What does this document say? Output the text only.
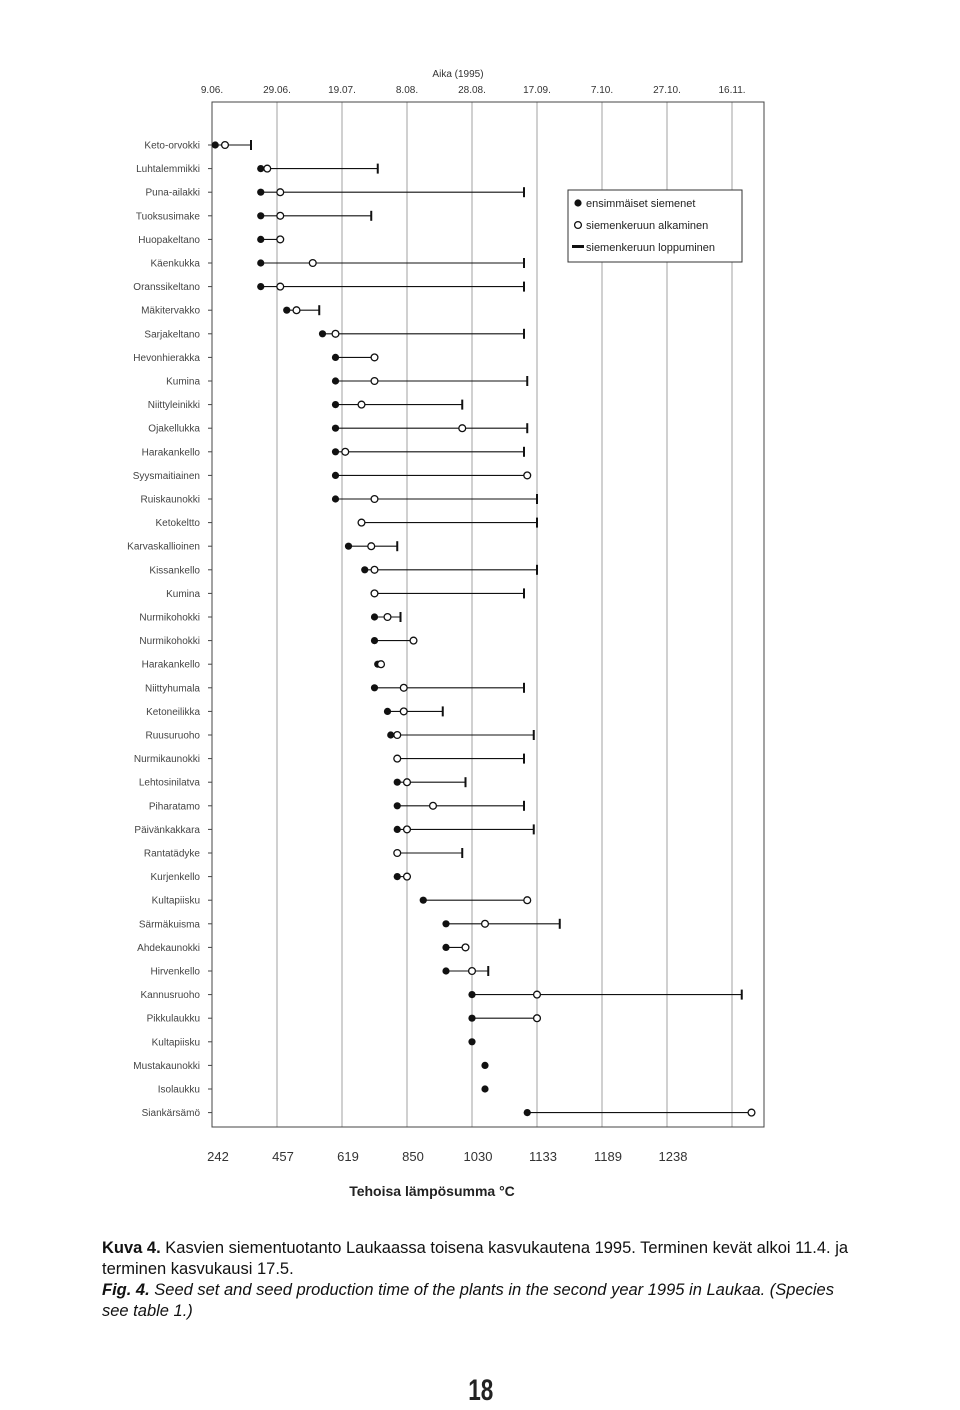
Aika (1995)
9.06.	29.06.	19.07.	8.08.	28.08.	17.09.	7.10.	27.10.	16.11.
Keto-orvokki
Luhtalemmikki
Puna-ailakki
Tuoksusimake
Huopakeltano
Käenkukka
Oranssikeltano
Mäkitervakko
Sarjakeltano
Hevonhierakka
Kumina
Niittyleinikki
Ojakellukka
Harakankello
Syysmaitiainen
Ruiskaunokki
Ketokeltto
Karvaskallioinen
Kissankello
Kumina
Nurmikohokki
Nurmikohokki
Harakankello
Niittyhumala
Ketoneilikka
Ruusuruoho
Nurmikaunokki
Lehtosinilatva
Piharatamo
Päivänkakkara
Rantatädyke
Kurjenkello
Kultapiisku
Särmäkuisma
Ahdekaunokki
Hirvenkello
Kannusruoho
Pikkulaukku
Kultapiisku
Mustakaunokki
Isolaukku
Siankärsämö
242	457	619	850	1030	1133	1189	1238
Tehoisa lämpösumma °C
ensimmäiset siemenet
siemenkeruun alkaminen
siemenkeruun loppuminen

Kuva 4. Kasvien siementuotanto Laukaassa toisena kasvukautena 1995. Terminen kevät alkoi 11.4. ja terminen kasvukausi 17.5.

Fig. 4. Seed set and seed production time of the plants in the second year 1995 in Laukaa. (Species see table 1.)

18
